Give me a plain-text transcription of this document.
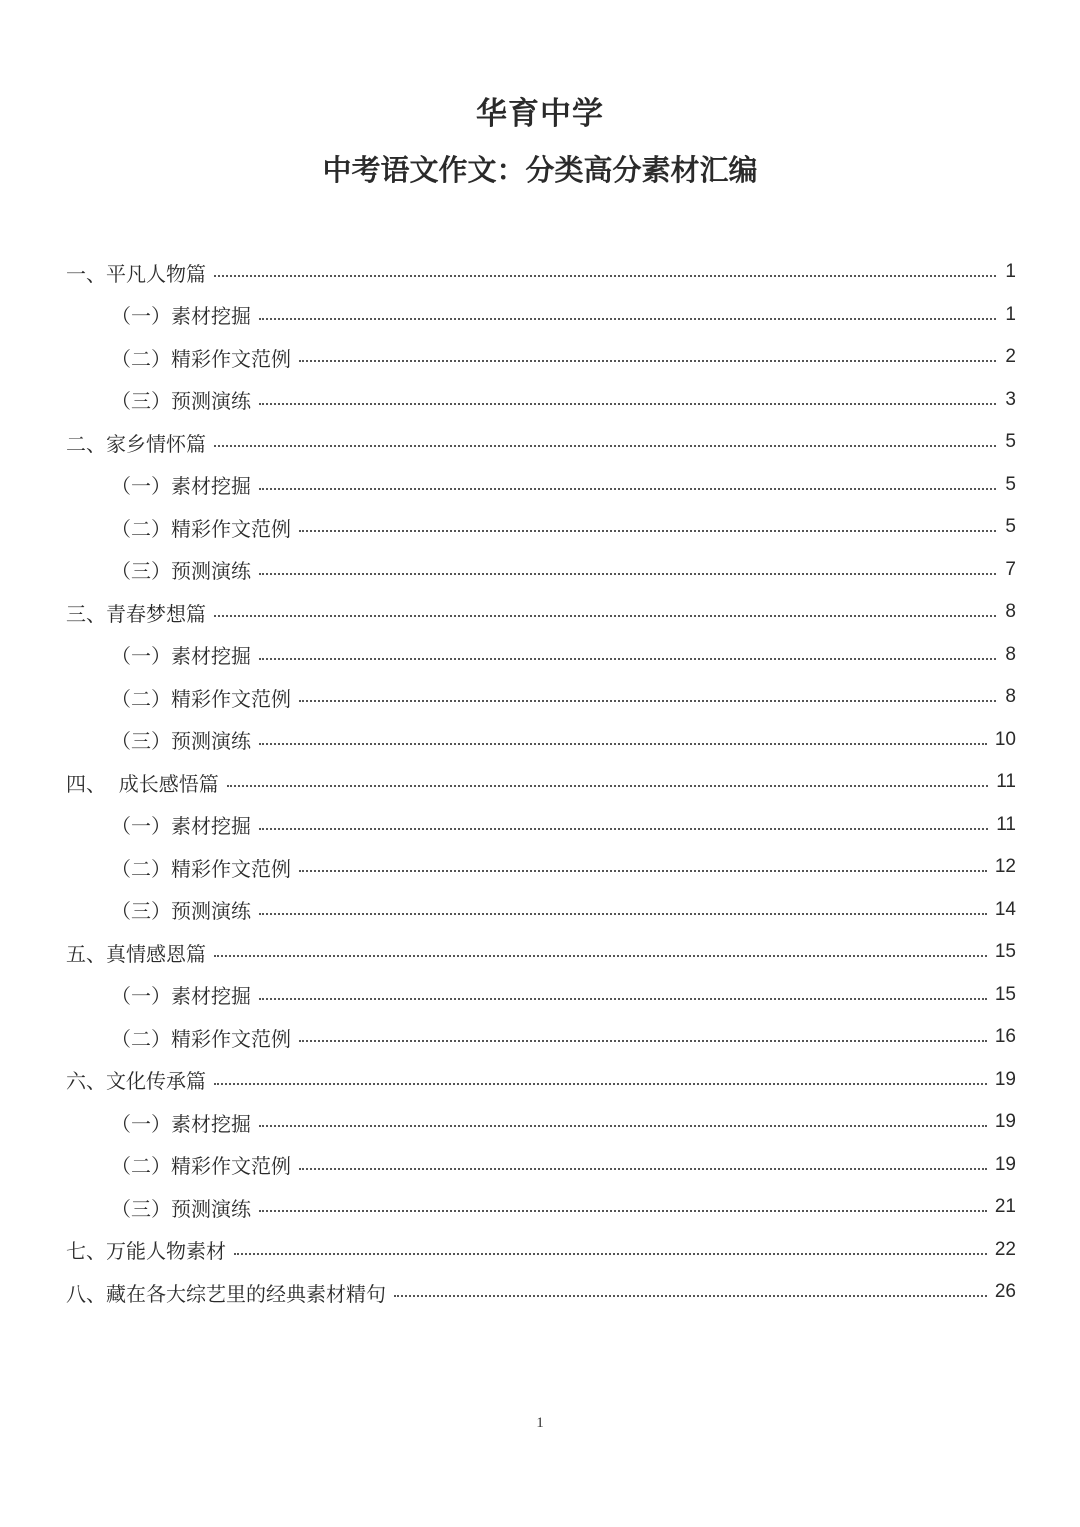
华育中学
中考语文作文：分类高分素材汇编
一、平凡人物篇	1
（一）素材挖掘	1
（二）精彩作文范例	2
（三）预测演练	3
二、家乡情怀篇	5
（一）素材挖掘	5
（二）精彩作文范例	5
（三）预测演练	7
三、青春梦想篇	8
（一）素材挖掘	8
（二）精彩作文范例	8
（三）预测演练	10
四、  成长感悟篇	11
（一）素材挖掘	11
（二）精彩作文范例	12
（三）预测演练	14
五、真情感恩篇	15
（一）素材挖掘	15
（二）精彩作文范例	16
六、文化传承篇	19
（一）素材挖掘	19
（二）精彩作文范例	19
（三）预测演练	21
七、万能人物素材	22
八、藏在各大综艺里的经典素材精句	26
1
